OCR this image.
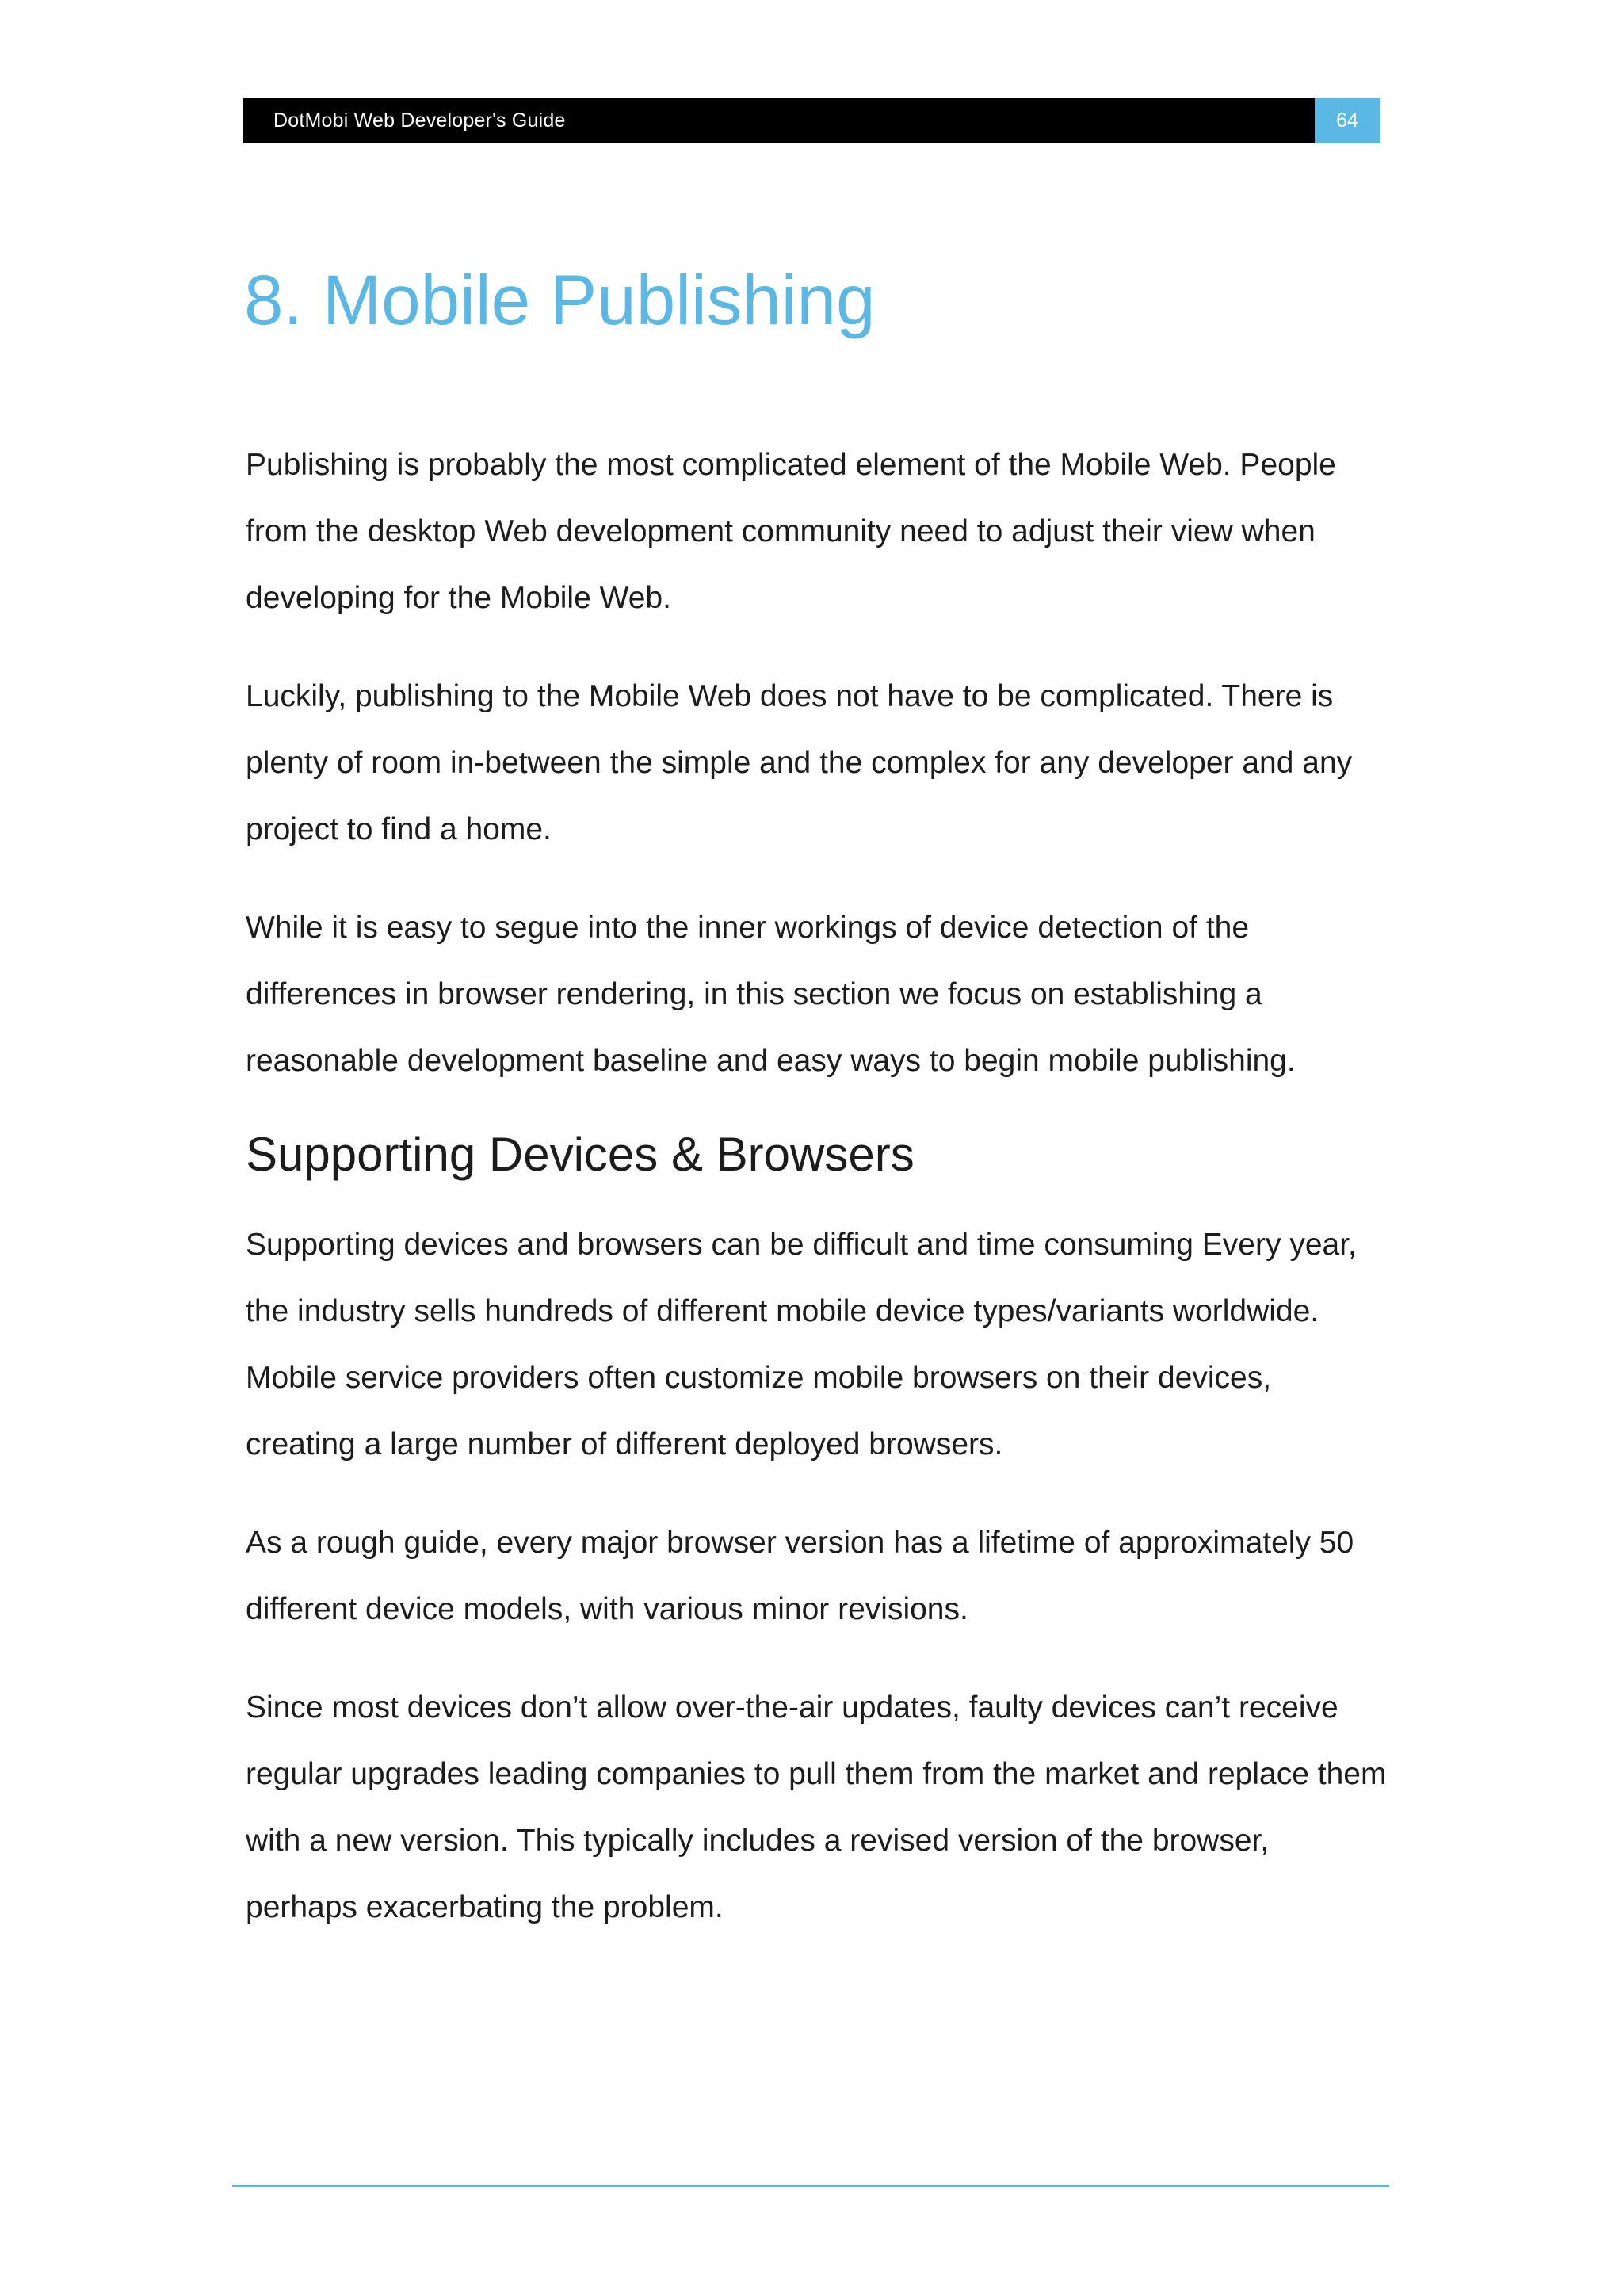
DotMobi Web Developer's Guide	64
8. Mobile Publishing

Publishing is probably the most complicated element of the Mobile Web. People from the desktop Web development community need to adjust their view when developing for the Mobile Web.

Luckily, publishing to the Mobile Web does not have to be complicated. There is plenty of room in-between the simple and the complex for any developer and any project to find a home.

While it is easy to segue into the inner workings of device detection of the differences in browser rendering, in this section we focus on establishing a reasonable development baseline and easy ways to begin mobile publishing.

Supporting Devices & Browsers

Supporting devices and browsers can be difficult and time consuming Every year, the industry sells hundreds of different mobile device types/variants worldwide. Mobile service providers often customize mobile browsers on their devices, creating a large number of different deployed browsers.

As a rough guide, every major browser version has a lifetime of approximately 50 different device models, with various minor revisions.

Since most devices don’t allow over-the-air updates, faulty devices can’t receive regular upgrades leading companies to pull them from the market and replace them with a new version. This typically includes a revised version of the browser, perhaps exacerbating the problem.
